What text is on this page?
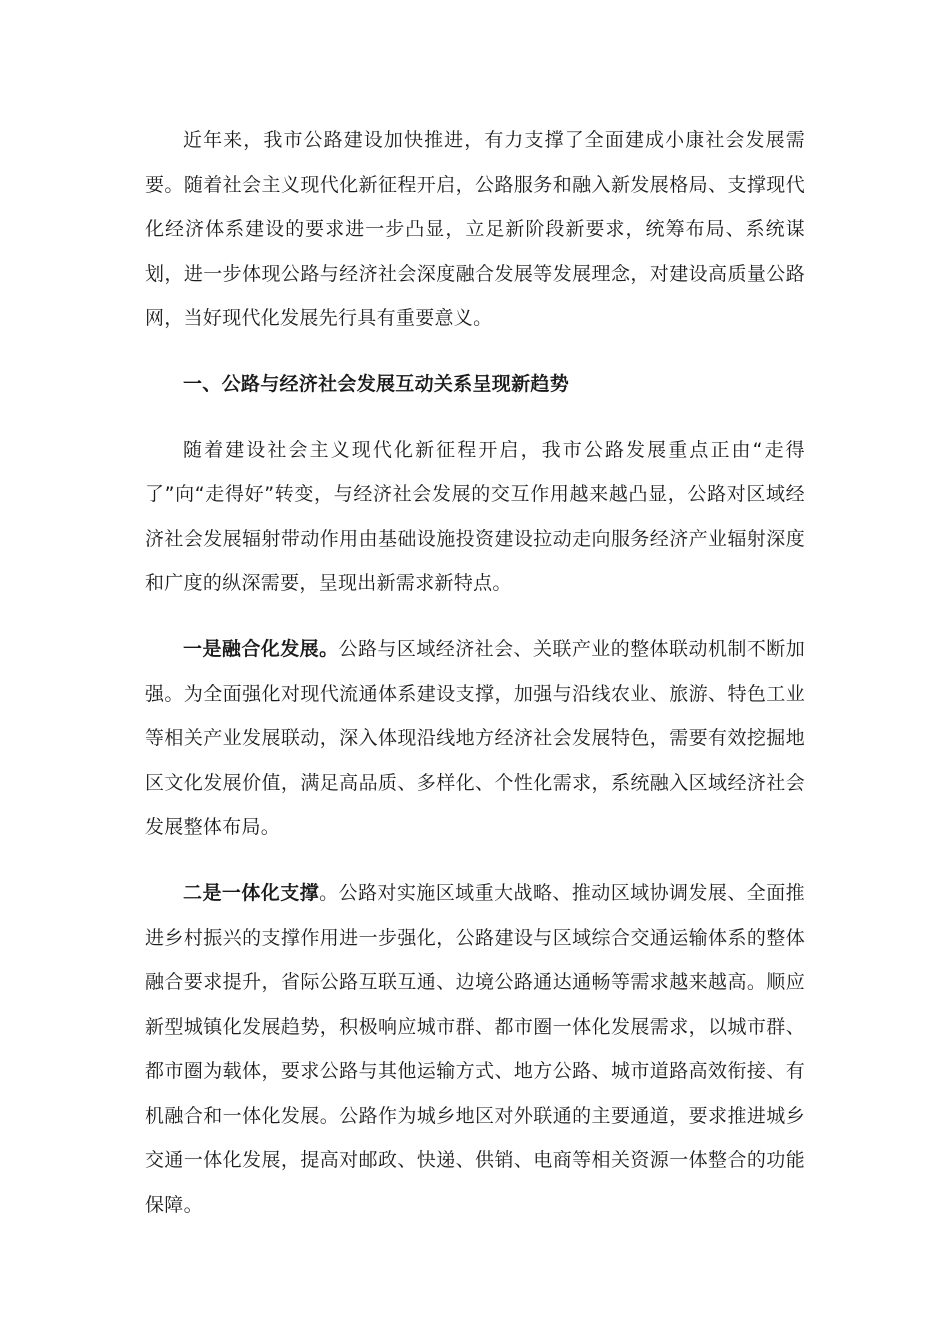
近年来，我市公路建设加快推进，有力支撑了全面建成小康社会发展需要。随着社会主义现代化新征程开启，公路服务和融入新发展格局、支撑现代化经济体系建设的要求进一步凸显，立足新阶段新要求，统筹布局、系统谋划，进一步体现公路与经济社会深度融合发展等发展理念，对建设高质量公路网，当好现代化发展先行具有重要意义。

一、公路与经济社会发展互动关系呈现新趋势

随着建设社会主义现代化新征程开启，我市公路发展重点正由“走得了”向“走得好”转变，与经济社会发展的交互作用越来越凸显，公路对区域经济社会发展辐射带动作用由基础设施投资建设拉动走向服务经济产业辐射深度和广度的纵深需要，呈现出新需求新特点。

一是融合化发展。公路与区域经济社会、关联产业的整体联动机制不断加强。为全面强化对现代流通体系建设支撑，加强与沿线农业、旅游、特色工业等相关产业发展联动，深入体现沿线地方经济社会发展特色，需要有效挖掘地区文化发展价值，满足高品质、多样化、个性化需求，系统融入区域经济社会发展整体布局。

二是一体化支撑。公路对实施区域重大战略、推动区域协调发展、全面推进乡村振兴的支撑作用进一步强化，公路建设与区域综合交通运输体系的整体融合要求提升，省际公路互联互通、边境公路通达通畅等需求越来越高。顺应新型城镇化发展趋势，积极响应城市群、都市圈一体化发展需求，以城市群、都市圈为载体，要求公路与其他运输方式、地方公路、城市道路高效衔接、有机融合和一体化发展。公路作为城乡地区对外联通的主要通道，要求推进城乡交通一体化发展，提高对邮政、快递、供销、电商等相关资源一体整合的功能保障。
